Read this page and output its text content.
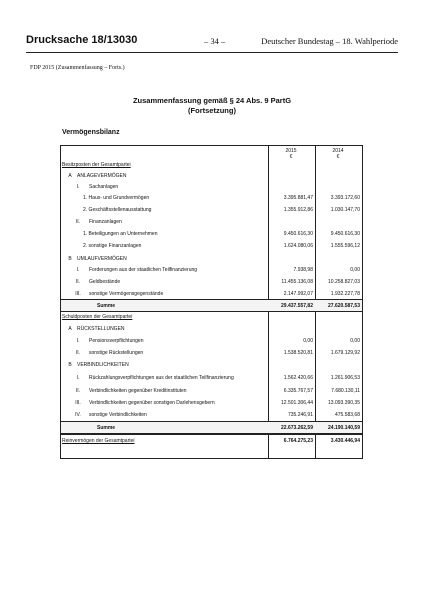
Drucksache 18/13030	– 34 –	Deutscher Bundestag – 18. Wahlperiode
FDP 2015 (Zusammenfassung – Forts.)
Zusammenfassung gemäß § 24 Abs. 9 PartG
(Fortsetzung)
Vermögensbilanz
2015
€
2014
€
Besitzposten der Gesamtpartei
A	ANLAGEVERMÖGEN
I.	Sachanlagen
1. Haus- und Grundvermögen	3.395.881,47	3.393.172,60
2. Geschäftsstellenausstattung	1.355.912,86	1.030.147,70
II.	Finanzanlagen
1. Beteiligungen an Unternehmen	9.450.616,30	9.450.616,30
2. sonstige Finanzanlagen	1.624.080,06	1.555.596,12
B	UMLAUFVERMÖGEN
I.	Forderungen aus der staatlichen Teilfinanzierung	7.938,98	0,00
II.	Geldbestände	11.455.136,08	10.258.827,03
III.	sonstige Vermögensgegenstände	2.147.992,07	1.932.227,78
Summe	29.437.557,82	27.620.587,53
Schuldposten der Gesamtpartei
A	RÜCKSTELLUNGEN
I.	Pensionsverpflichtungen	0,00	0,00
II.	sonstige Rückstellungen	1.538.520,81	1.679.129,92
B	VERBINDLICHKEITEN
I.	Rückzahlungsverpflichtungen aus der staatlichen Teilfinanzierung	1.562.420,66	1.261.906,53
II.	Verbindlichkeiten gegenüber Kreditinstituten	6.335.767,57	7.680.130,11
III.	Verbindlichkeiten gegenüber sonstigen Darlehensgebern	12.501.306,44	13.093.390,35
IV.	sonstige Verbindlichkeiten	735.246,91	475.583,68
Summe	22.673.262,59	24.190.140,59
Reinvermögen der Gesamtpartei	6.764.275,23	3.430.446,94
